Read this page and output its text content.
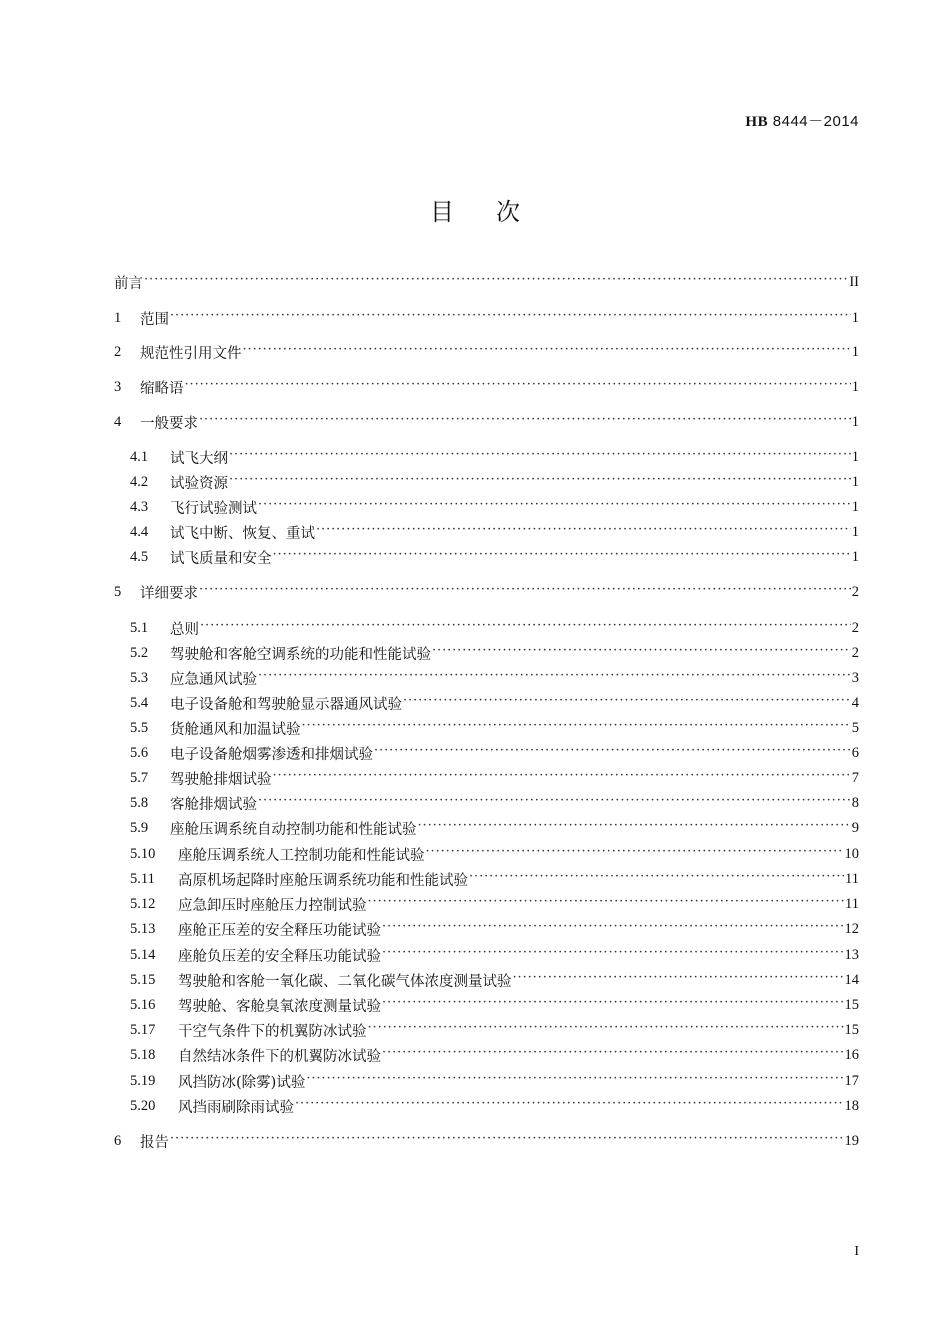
HB 8444－2014
目 次
前言 ·····	II
1	范围 ·····	1
2	规范性引用文件 ·····	1
3	缩略语 ·····	1
4	一般要求 ·····	1
4.1	试飞大纲 ·····	1
4.2	试验资源 ·····	1
4.3	飞行试验测试 ·····	1
4.4	试飞中断、恢复、重试 ·····	1
4.5	试飞质量和安全 ·····	1
5	详细要求 ·····	2
5.1	总则 ·····	2
5.2	驾驶舱和客舱空调系统的功能和性能试验 ·····	2
5.3	应急通风试验 ·····	3
5.4	电子设备舱和驾驶舱显示器通风试验 ·····	4
5.5	货舱通风和加温试验 ·····	5
5.6	电子设备舱烟雾渗透和排烟试验 ·····	6
5.7	驾驶舱排烟试验 ·····	7
5.8	客舱排烟试验 ·····	8
5.9	座舱压调系统自动控制功能和性能试验 ·····	9
5.10	座舱压调系统人工控制功能和性能试验 ·····	10
5.11	高原机场起降时座舱压调系统功能和性能试验 ·····	11
5.12	应急卸压时座舱压力控制试验 ·····	11
5.13	座舱正压差的安全释压功能试验 ·····	12
5.14	座舱负压差的安全释压功能试验 ·····	13
5.15	驾驶舱和客舱一氧化碳、二氧化碳气体浓度测量试验 ·····	14
5.16	驾驶舱、客舱臭氧浓度测量试验 ·····	15
5.17	干空气条件下的机翼防冰试验 ·····	15
5.18	自然结冰条件下的机翼防冰试验 ·····	16
5.19	风挡防冰(除雾)试验 ·····	17
5.20	风挡雨刷除雨试验 ·····	18
6	报告 ·····	19
I
